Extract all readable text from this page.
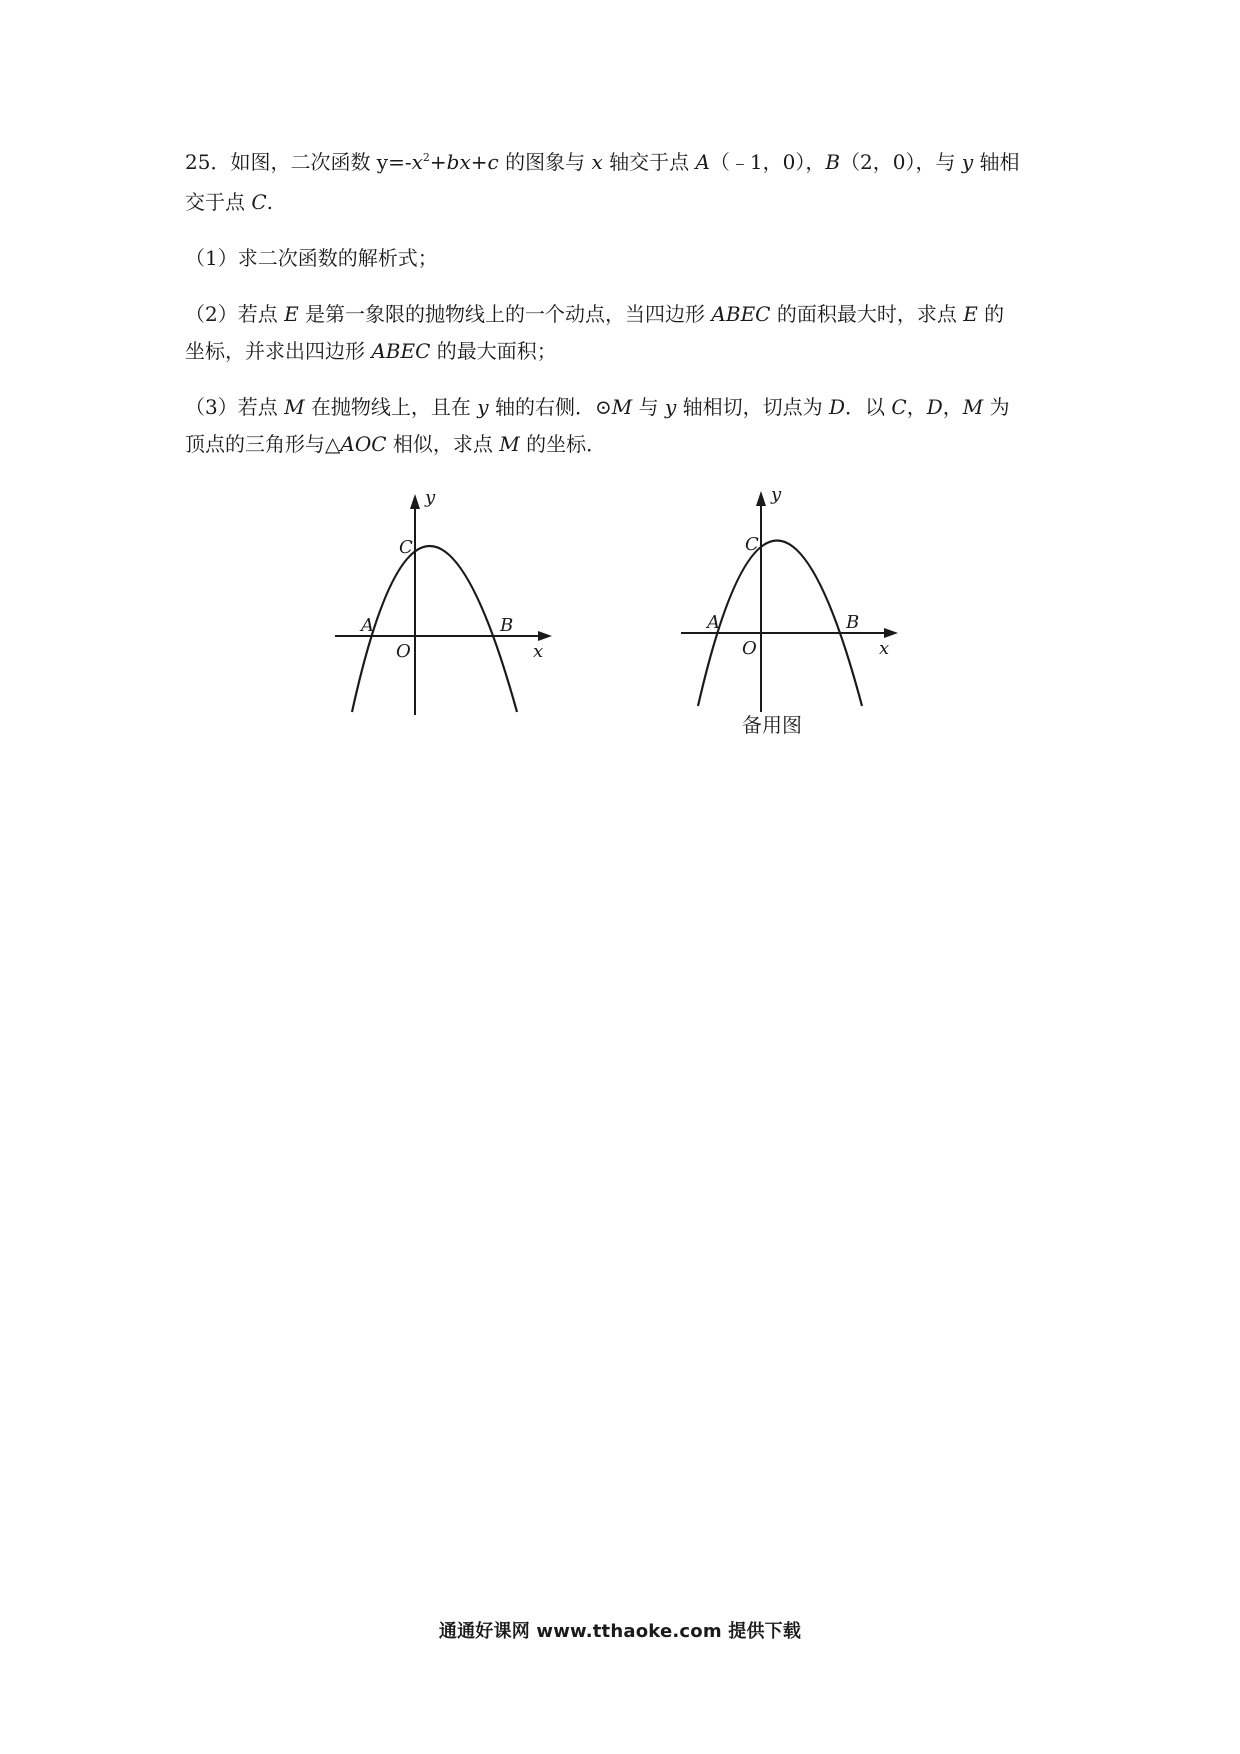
25．如图，二次函数 $y=-x^2+bx+c$ 的图象与 x 轴交于点 A（﹣1，0），B（2，0），与 y 轴相
交于点 C.
（1）求二次函数的解析式；
（2）若点 E 是第一象限的抛物线上的一个动点，当四边形 ABEC 的面积最大时，求点 E 的
坐标，并求出四边形 ABEC 的最大面积；
（3）若点 M 在抛物线上，且在 y 轴的右侧．⊙M 与 y 轴相切，切点为 D．以 C，D，M 为
顶点的三角形与△AOC 相似，求点 M 的坐标．
y
C
A	B
O	x
y
C
A	B
O	x
备用图
通通好课网 www.tthaoke.com 提供下载
